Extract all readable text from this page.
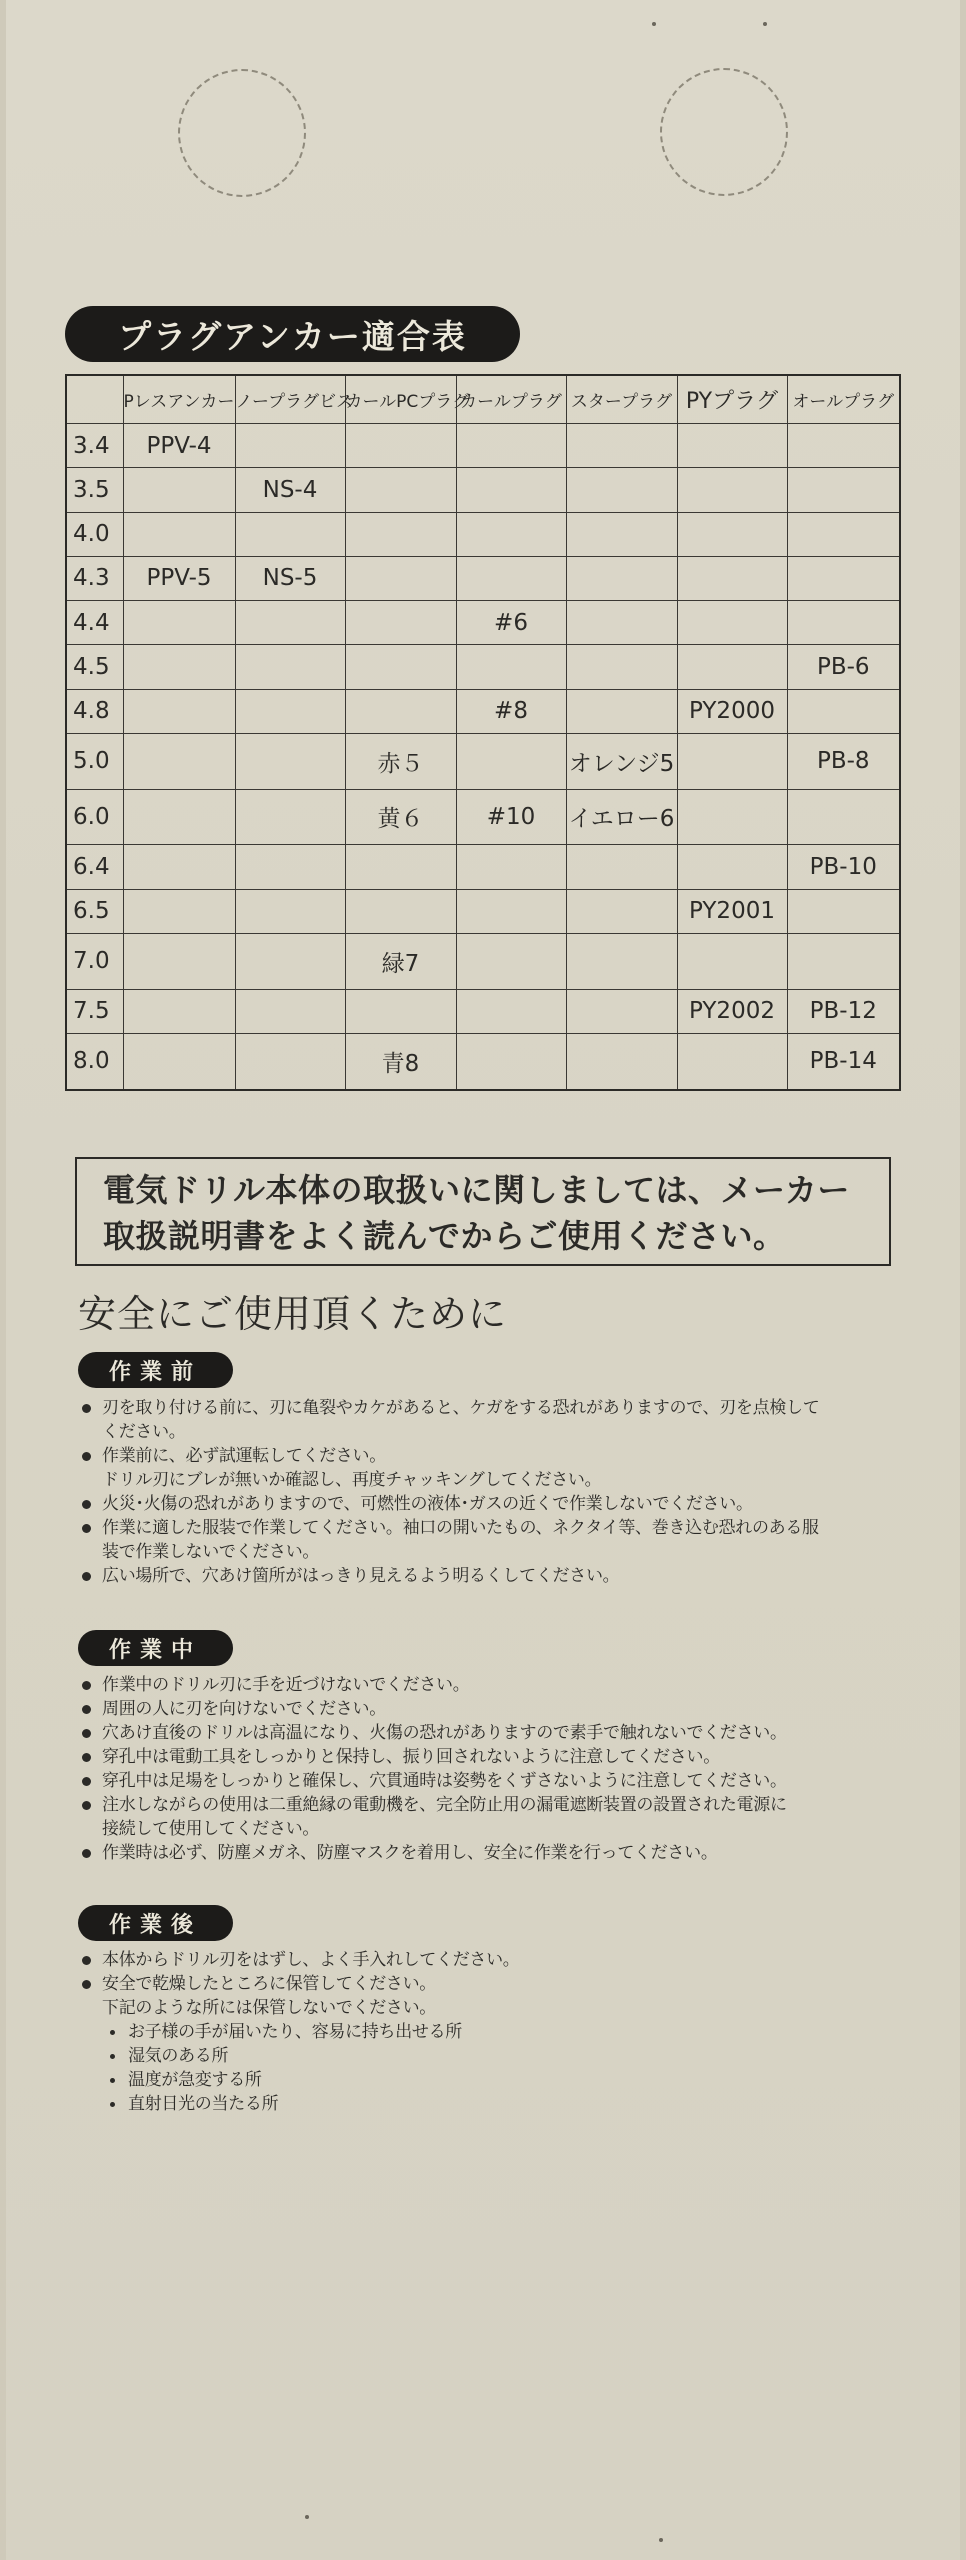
プラグアンカー適合表
	Pレスアンカー	ノープラグビス	カールPCプラグ	カールプラグ	スタープラグ	PYプラグ	オールプラグ
3.4	PPV-4						
3.5		NS-4					
4.0							
4.3	PPV-5	NS-5					
4.4				#6			
4.5							PB-6
4.8				#8		PY2000	
5.0			赤５		オレンジ5		PB-8
6.0			黄６	#10	イエロー6		
6.4							PB-10
6.5						PY2001	
7.0			緑7				
7.5						PY2002	PB-12
8.0			青8				PB-14
電気ドリル本体の取扱いに関しましては、メーカー
取扱説明書をよく読んでからご使用ください。
安全にご使用頂くために
作業前
刃を取り付ける前に、刃に亀裂やカケがあると、ケガをする恐れがありますので、刃を点検して
ください。
作業前に、必ず試運転してください。
ドリル刃にブレが無いか確認し、再度チャッキングしてください。
火災･火傷の恐れがありますので、可燃性の液体･ガスの近くで作業しないでください。
作業に適した服装で作業してください。袖口の開いたもの、ネクタイ等、巻き込む恐れのある服
装で作業しないでください。
広い場所で、穴あけ箇所がはっきり見えるよう明るくしてください。
作業中
作業中のドリル刃に手を近づけないでください。
周囲の人に刃を向けないでください。
穴あけ直後のドリルは高温になり、火傷の恐れがありますので素手で触れないでください。
穿孔中は電動工具をしっかりと保持し、振り回されないように注意してください。
穿孔中は足場をしっかりと確保し、穴貫通時は姿勢をくずさないように注意してください。
注水しながらの使用は二重絶縁の電動機を、完全防止用の漏電遮断装置の設置された電源に
接続して使用してください。
作業時は必ず、防塵メガネ、防塵マスクを着用し、安全に作業を行ってください。
作業後
本体からドリル刃をはずし、よく手入れしてください。
安全で乾燥したところに保管してください。
下記のような所には保管しないでください。
お子様の手が届いたり、容易に持ち出せる所
湿気のある所
温度が急変する所
直射日光の当たる所
